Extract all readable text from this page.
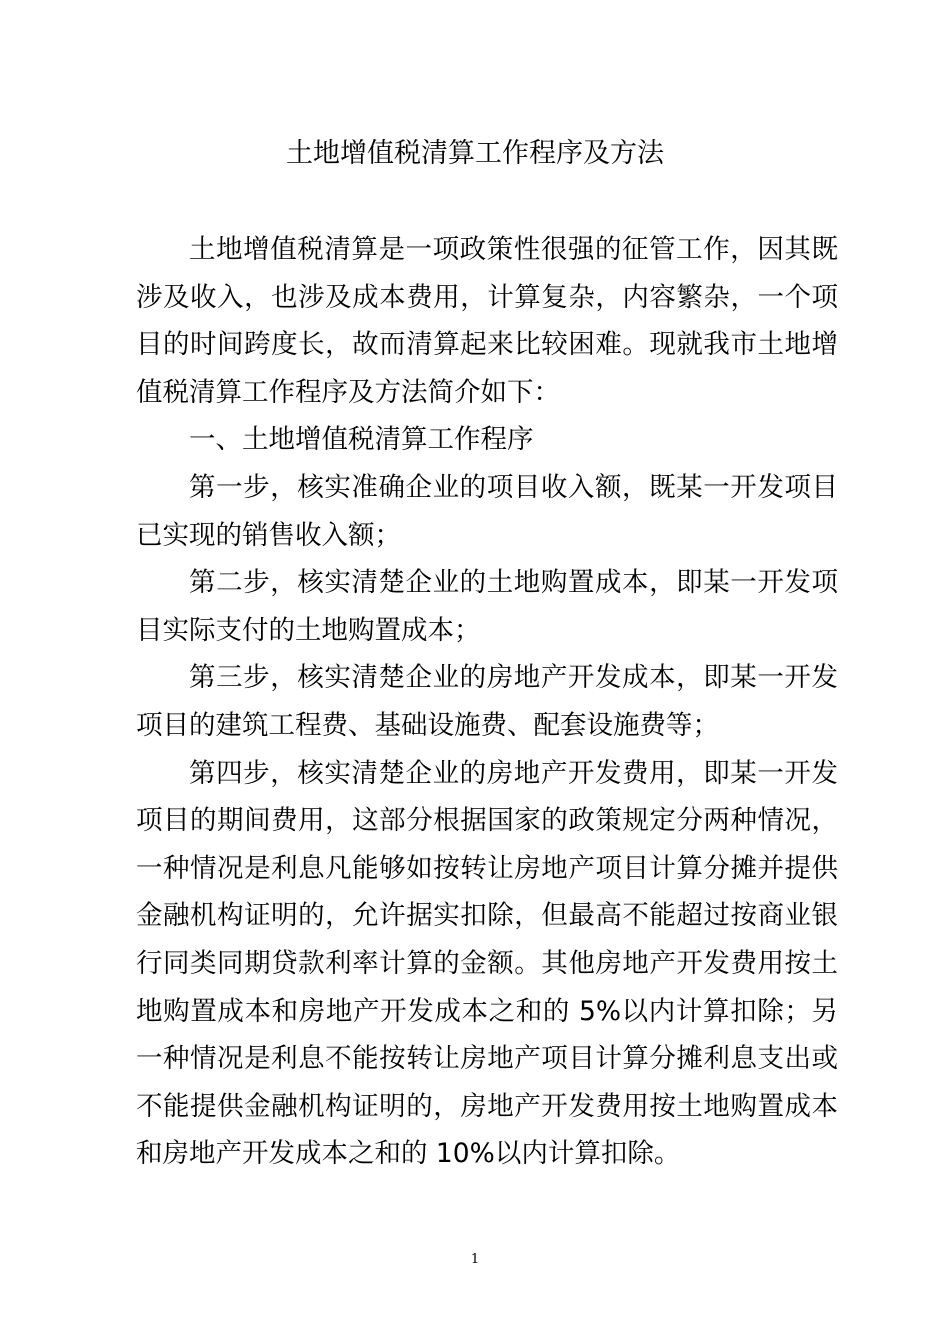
土地增值税清算工作程序及方法

土地增值税清算是一项政策性很强的征管工作，因其既涉及收入，也涉及成本费用，计算复杂，内容繁杂，一个项目的时间跨度长，故而清算起来比较困难。现就我市土地增值税清算工作程序及方法简介如下：

一、土地增值税清算工作程序

第一步，核实准确企业的项目收入额，既某一开发项目已实现的销售收入额；

第二步，核实清楚企业的土地购置成本，即某一开发项目实际支付的土地购置成本；

第三步，核实清楚企业的房地产开发成本，即某一开发项目的建筑工程费、基础设施费、配套设施费等；

第四步，核实清楚企业的房地产开发费用，即某一开发项目的期间费用，这部分根据国家的政策规定分两种情况，一种情况是利息凡能够如按转让房地产项目计算分摊并提供金融机构证明的，允许据实扣除，但最高不能超过按商业银行同类同期贷款利率计算的金额。其他房地产开发费用按土地购置成本和房地产开发成本之和的 5%以内计算扣除；另一种情况是利息不能按转让房地产项目计算分摊利息支出或不能提供金融机构证明的，房地产开发费用按土地购置成本和房地产开发成本之和的 10%以内计算扣除。

1
